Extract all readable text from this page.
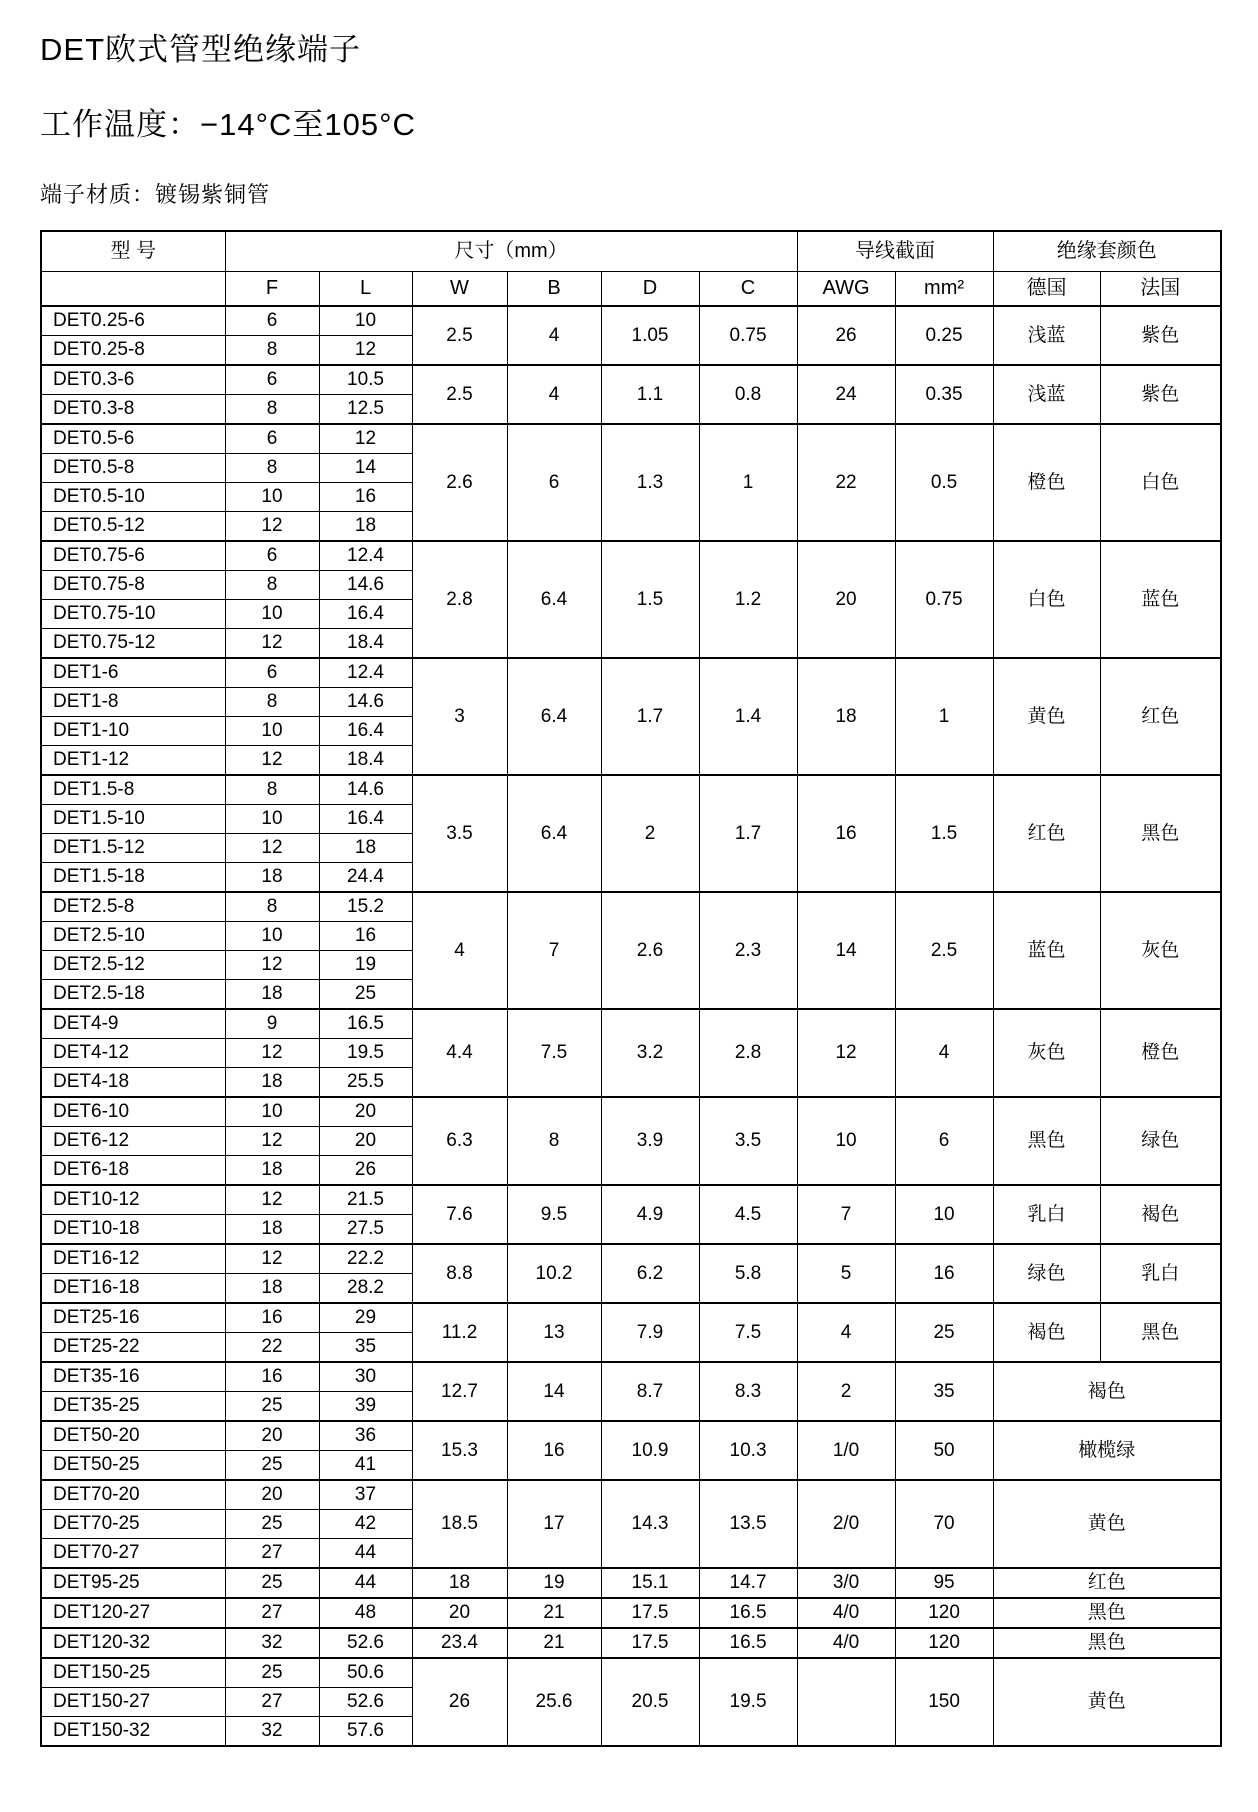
DET欧式管型绝缘端子
工作温度：−14°C至105°C
端子材质：镀锡紫铜管
型 号	尺寸（mm）						导线截面		绝缘套颜色	
	F	L	W	B	D	C	AWG	mm²	德国	法国
DET0.25-6	6	10	2.5	4	1.05	0.75	26	0.25	浅蓝	紫色
DET0.25-8	8	12								
DET0.3-6	6	10.5	2.5	4	1.1	0.8	24	0.35	浅蓝	紫色
DET0.3-8	8	12.5								
DET0.5-6	6	12	2.6	6	1.3	1	22	0.5	橙色	白色
DET0.5-8	8	14								
DET0.5-10	10	16								
DET0.5-12	12	18								
DET0.75-6	6	12.4	2.8	6.4	1.5	1.2	20	0.75	白色	蓝色
DET0.75-8	8	14.6								
DET0.75-10	10	16.4								
DET0.75-12	12	18.4								
DET1-6	6	12.4	3	6.4	1.7	1.4	18	1	黄色	红色
DET1-8	8	14.6								
DET1-10	10	16.4								
DET1-12	12	18.4								
DET1.5-8	8	14.6	3.5	6.4	2	1.7	16	1.5	红色	黑色
DET1.5-10	10	16.4								
DET1.5-12	12	18								
DET1.5-18	18	24.4								
DET2.5-8	8	15.2	4	7	2.6	2.3	14	2.5	蓝色	灰色
DET2.5-10	10	16								
DET2.5-12	12	19								
DET2.5-18	18	25								
DET4-9	9	16.5	4.4	7.5	3.2	2.8	12	4	灰色	橙色
DET4-12	12	19.5								
DET4-18	18	25.5								
DET6-10	10	20	6.3	8	3.9	3.5	10	6	黑色	绿色
DET6-12	12	20								
DET6-18	18	26								
DET10-12	12	21.5	7.6	9.5	4.9	4.5	7	10	乳白	褐色
DET10-18	18	27.5								
DET16-12	12	22.2	8.8	10.2	6.2	5.8	5	16	绿色	乳白
DET16-18	18	28.2								
DET25-16	16	29	11.2	13	7.9	7.5	4	25	褐色	黑色
DET25-22	22	35								
DET35-16	16	30	12.7	14	8.7	8.3	2	35	褐色	
DET35-25	25	39								
DET50-20	20	36	15.3	16	10.9	10.3	1/0	50	橄榄绿	
DET50-25	25	41								
DET70-20	20	37	18.5	17	14.3	13.5	2/0	70	黄色	
DET70-25	25	42								
DET70-27	27	44								
DET95-25	25	44	18	19	15.1	14.7	3/0	95	红色	
DET120-27	27	48	20	21	17.5	16.5	4/0	120	黑色	
DET120-32	32	52.6	23.4	21	17.5	16.5	4/0	120	黑色	
DET150-25	25	50.6	26	25.6	20.5	19.5		150	黄色	
DET150-27	27	52.6								
DET150-32	32	57.6								
